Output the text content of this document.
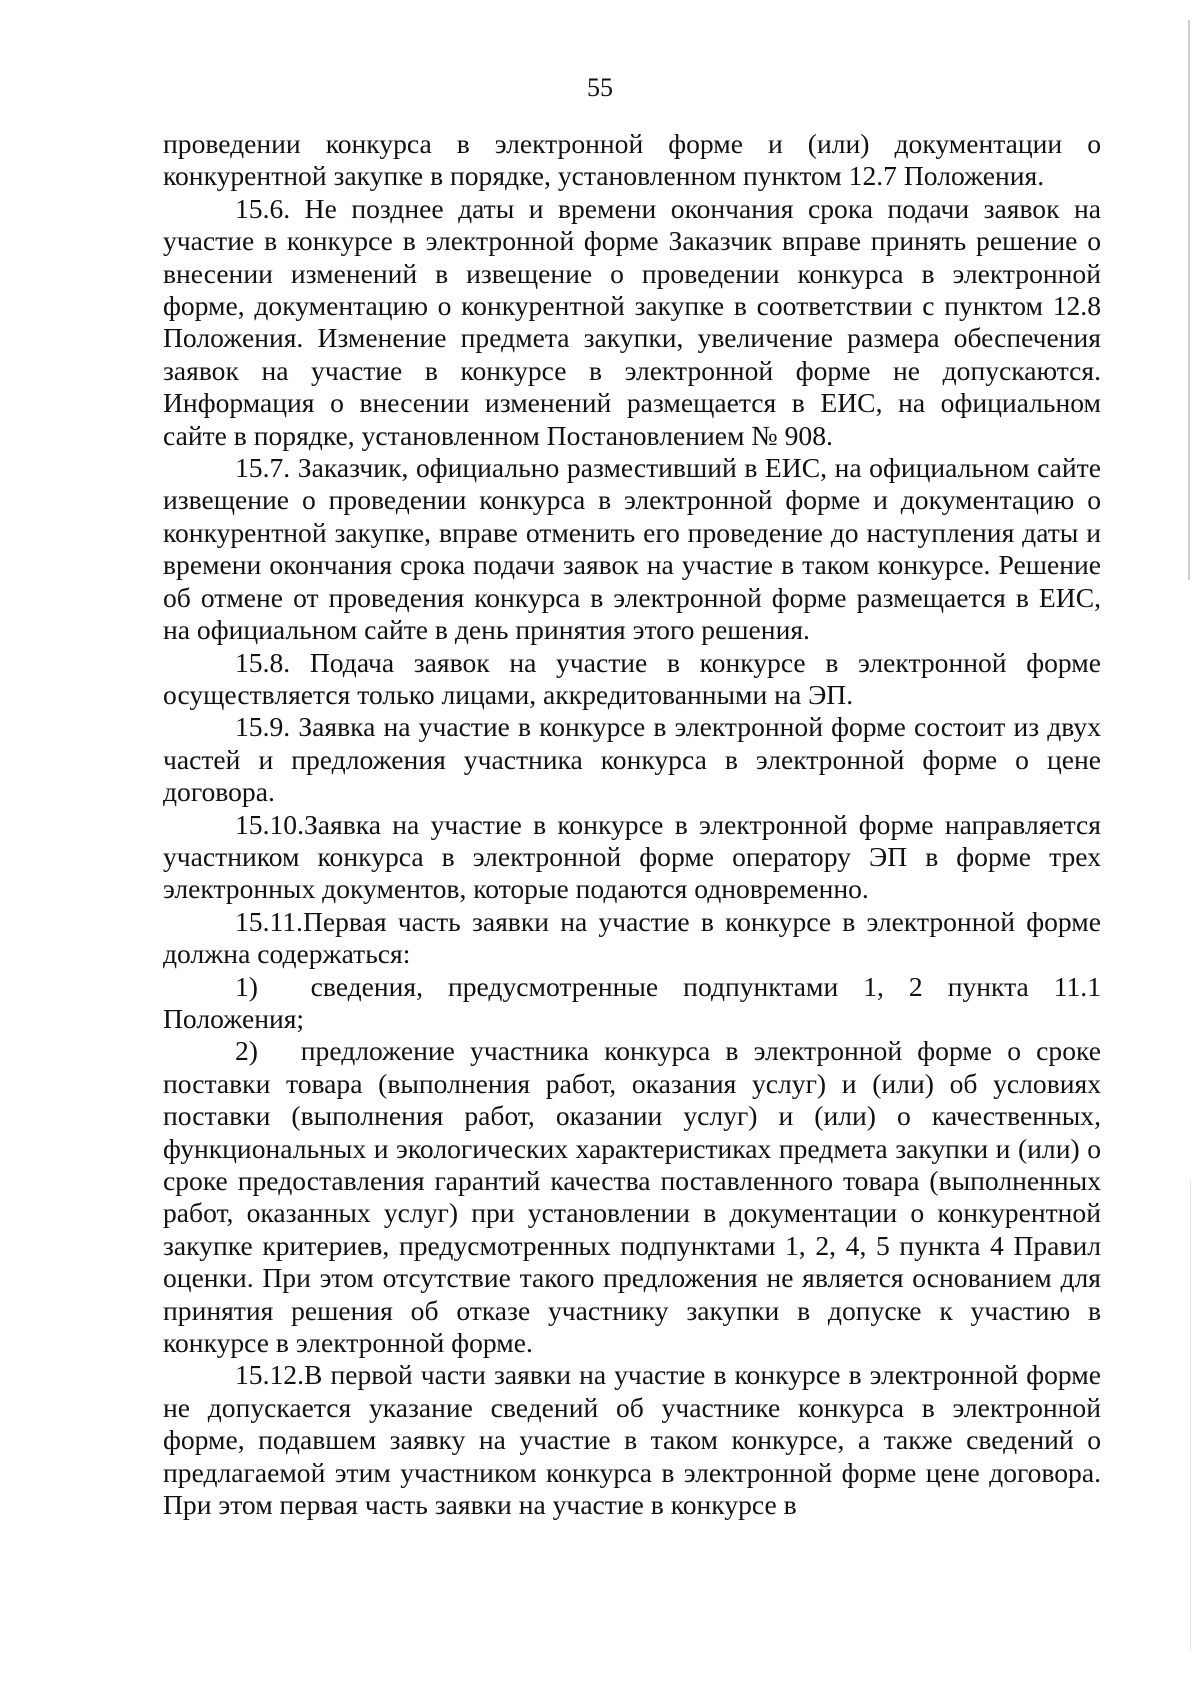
55

проведении конкурса в электронной форме и (или) документации о конкурентной закупке в порядке, установленном пунктом 12.7 Положения.

15.6. Не позднее даты и времени окончания срока подачи заявок на участие в конкурсе в электронной форме Заказчик вправе принять решение о внесении изменений в извещение о проведении конкурса в электронной форме, документацию о конкурентной закупке в соответствии с пунктом 12.8 Положения. Изменение предмета закупки, увеличение размера обеспечения заявок на участие в конкурсе в электронной форме не допускаются. Информация о внесении изменений размещается в ЕИС, на официальном сайте в порядке, установленном Постановлением № 908.

15.7. Заказчик, официально разместивший в ЕИС, на официальном сайте извещение о проведении конкурса в электронной форме и документацию о конкурентной закупке, вправе отменить его проведение до наступления даты и времени окончания срока подачи заявок на участие в таком конкурсе. Решение об отмене от проведения конкурса в электронной форме размещается в ЕИС, на официальном сайте в день принятия этого решения.

15.8. Подача заявок на участие в конкурсе в электронной форме осуществляется только лицами, аккредитованными на ЭП.

15.9. Заявка на участие в конкурсе в электронной форме состоит из двух частей и предложения участника конкурса в электронной форме о цене договора.

15.10.Заявка на участие в конкурсе в электронной форме направляется участником конкурса в электронной форме оператору ЭП в форме трех электронных документов, которые подаются одновременно.

15.11.Первая часть заявки на участие в конкурсе в электронной форме должна содержаться:

1)  сведения, предусмотренные подпунктами 1, 2 пункта 11.1 Положения;

2)  предложение участника конкурса в электронной форме о сроке поставки товара (выполнения работ, оказания услуг) и (или) об условиях поставки (выполнения работ, оказании услуг) и (или) о качественных, функциональных и экологических характеристиках предмета закупки и (или) о сроке предоставления гарантий качества поставленного товара (выполненных работ, оказанных услуг) при установлении в документации о конкурентной закупке критериев, предусмотренных подпунктами 1, 2, 4, 5 пункта 4 Правил оценки. При этом отсутствие такого предложения не является основанием для принятия решения об отказе участнику закупки в допуске к участию в конкурсе в электронной форме.

15.12.В первой части заявки на участие в конкурсе в электронной форме не допускается указание сведений об участнике конкурса в электронной форме, подавшем заявку на участие в таком конкурсе, а также сведений о предлагаемой этим участником конкурса в электронной форме цене договора. При этом первая часть заявки на участие в конкурсе в
